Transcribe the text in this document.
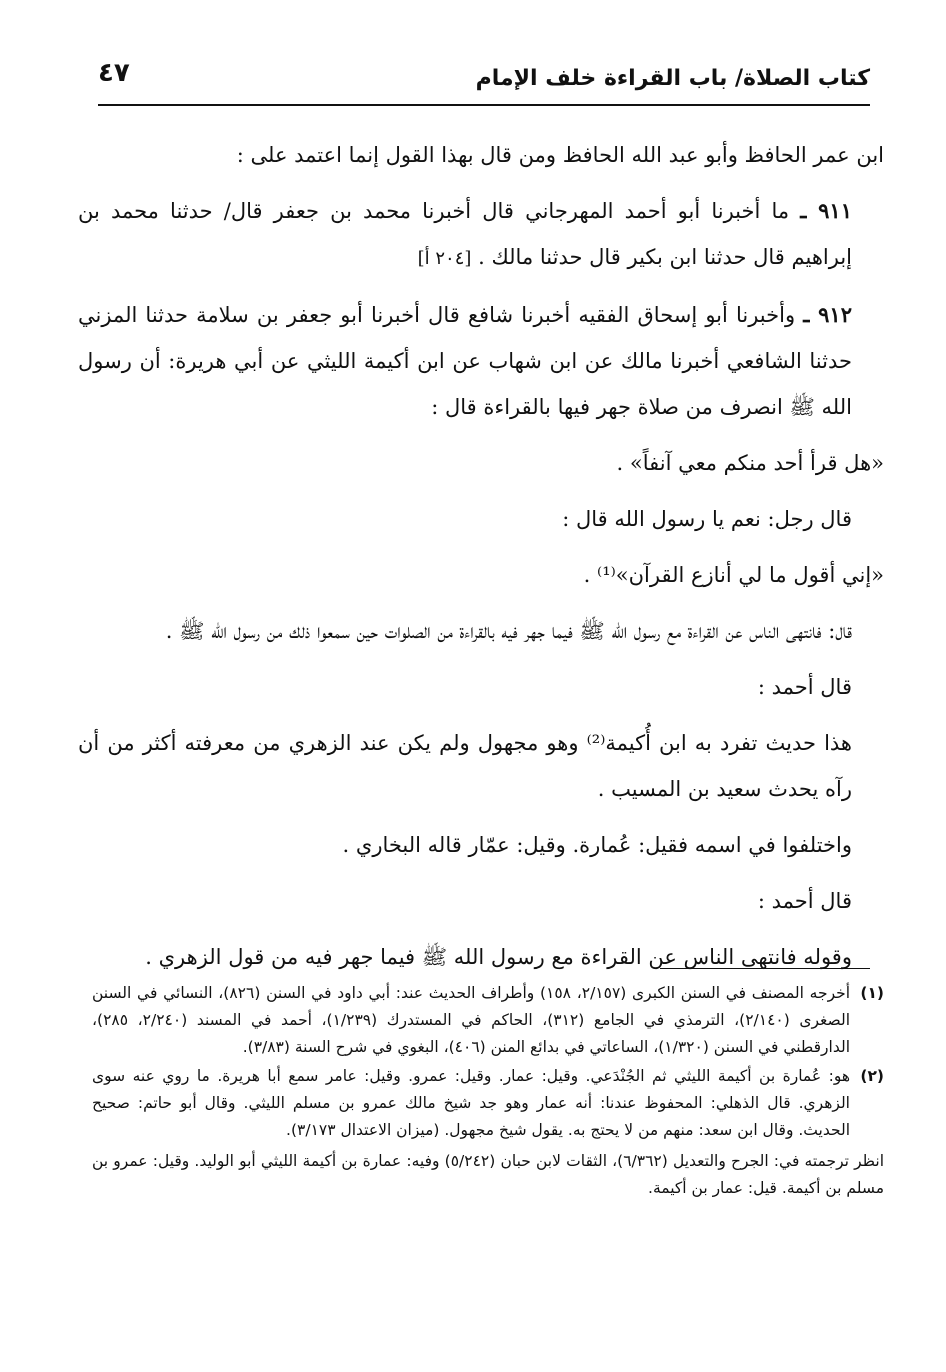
كتاب الصلاة/ باب القراءة خلف الإمام
٤٧

ابن عمر الحافظ وأبو عبد الله الحافظ ومن قال بهذا القول إنما اعتمد على :

٩١١ ـ ما أخبرنا أبو أحمد المهرجاني قال أخبرنا محمد بن جعفر قال/ حدثنا محمد بن إبراهيم قال حدثنا ابن بكير قال حدثنا مالك . [٢٠٤ أ]

٩١٢ ـ وأخبرنا أبو إسحاق الفقيه أخبرنا شافع قال أخبرنا أبو جعفر بن سلامة حدثنا المزني حدثنا الشافعي أخبرنا مالك عن ابن شهاب عن ابن أكيمة الليثي عن أبي هريرة: أن رسول الله ﷺ انصرف من صلاة جهر فيها بالقراءة قال :

«هل قرأ أحد منكم معي آنفاً» .

قال رجل: نعم يا رسول الله قال :

«إني أقول ما لي أنازع القرآن»⁽¹⁾ .

قال: فانتهى الناس عن القراءة مع رسول الله ﷺ فيما جهر فيه بالقراءة من الصلوات حين سمعوا ذلك من رسول الله ﷺ .

قال أحمد :

هذا حديث تفرد به ابن أُكيمة⁽²⁾ وهو مجهول ولم يكن عند الزهري من معرفته أكثر من أن رآه يحدث سعيد بن المسيب .

واختلفوا في اسمه فقيل: عُمارة. وقيل: عمّار قاله البخاري .

قال أحمد :

وقوله فانتهى الناس عن القراءة مع رسول الله ﷺ فيما جهر فيه من قول الزهري .

(١)
أخرجه المصنف في السنن الكبرى (٢/١٥٧، ١٥٨) وأطراف الحديث عند: أبي داود في السنن (٨٢٦)، النسائي في السنن الصغرى (٢/١٤٠)، الترمذي في الجامع (٣١٢)، الحاكم في المستدرك (١/٢٣٩)، أحمد في المسند (٢/٢٤٠، ٢٨٥)، الدارقطني في السنن (١/٣٢٠)، الساعاتي في بدائع المنن (٤٠٦)، البغوي في شرح السنة (٣/٨٣).
(٢)
هو: عُمارة بن أكيمة الليثي ثم الجُنْدَعي. وقيل: عمار. وقيل: عمرو. وقيل: عامر سمع أبا هريرة. ما روي عنه سوى الزهري. قال الذهلي: المحفوظ عندنا: أنه عمار وهو جد شيخ مالك عمرو بن مسلم الليثي. وقال أبو حاتم: صحيح الحديث. وقال ابن سعد: منهم من لا يحتج به. يقول شيخ مجهول. (ميزان الاعتدال ٣/١٧٣).

انظر ترجمته في: الجرح والتعديل (٦/٣٦٢)، الثقات لابن حبان (٥/٢٤٢) وفيه: عمارة بن أكيمة الليثي أبو الوليد. وقيل: عمرو بن مسلم بن أكيمة. قيل: عمار بن أكيمة.
